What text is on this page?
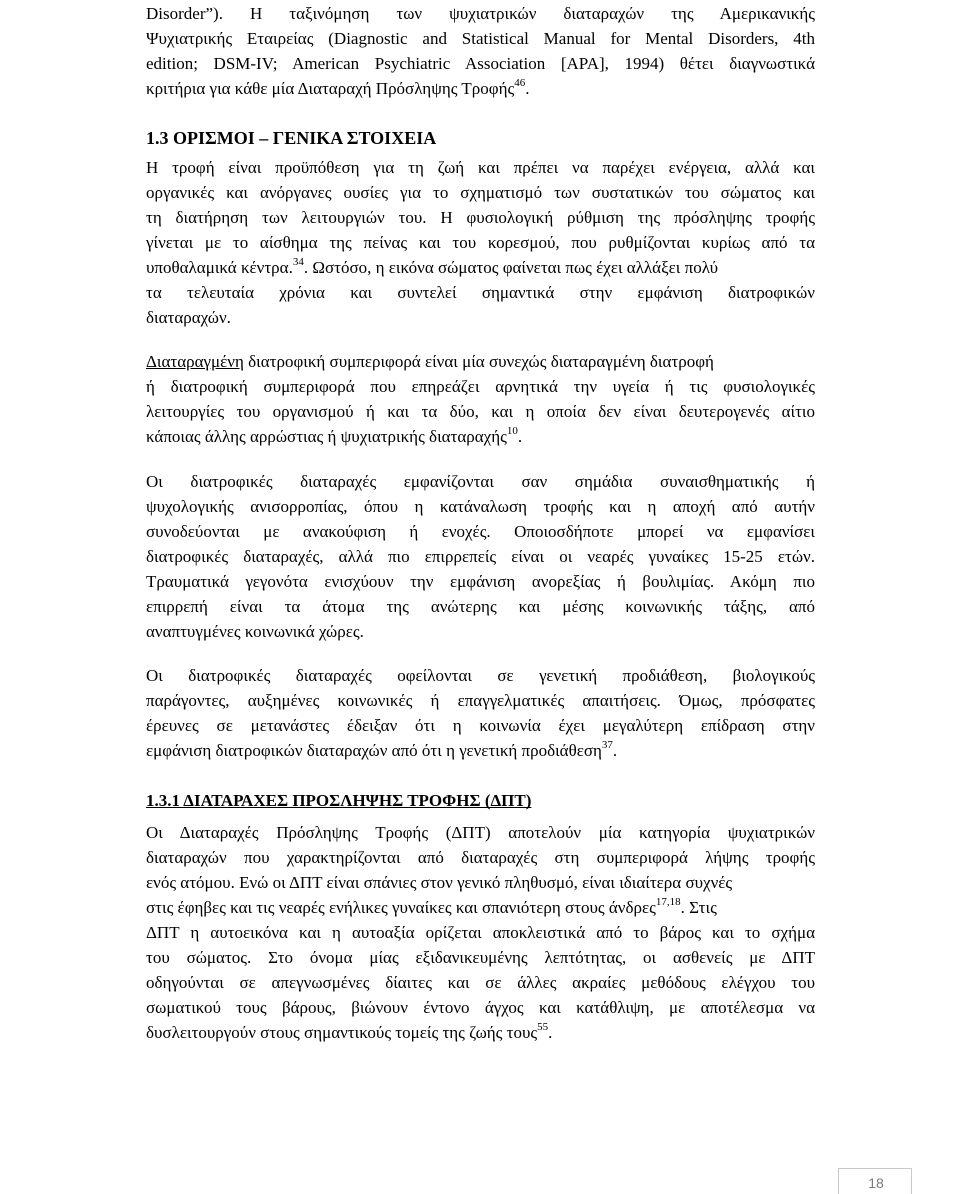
Disorder”). Η ταξινόμηση των ψυχιατρικών διαταραχών της Αμερικανικής
Ψυχιατρικής Εταιρείας (Diagnostic and Statistical Manual for Mental Disorders, 4th
edition; DSM-IV; American Psychiatric Association [APA], 1994) θέτει διαγνωστικά
κριτήρια για κάθε μία Διαταραχή Πρόσληψης Τροφής$^{46}$.
1.3 ΟΡΙΣΜΟΙ – ΓΕΝΙΚΑ ΣΤΟΙΧΕΙΑ
Η τροφή είναι προϋπόθεση για τη ζωή και πρέπει να παρέχει ενέργεια, αλλά και
οργανικές και ανόργανες ουσίες για το σχηματισμό των συστατικών του σώματος και
τη διατήρηση των λειτουργιών του. Η φυσιολογική ρύθμιση της πρόσληψης τροφής
γίνεται με το αίσθημα της πείνας και του κορεσμού, που ρυθμίζονται κυρίως από τα
υποθαλαμικά κέντρα.$^{34}$. Ωστόσο, η εικόνα σώματος φαίνεται πως έχει αλλάξει πολύ
τα τελευταία χρόνια και συντελεί σημαντικά στην εμφάνιση διατροφικών
διαταραχών.
Διαταραγμένη διατροφική συμπεριφορά είναι μία συνεχώς διαταραγμένη διατροφή
ή διατροφική συμπεριφορά που επηρεάζει αρνητικά την υγεία ή τις φυσιολογικές
λειτουργίες του οργανισμού ή και τα δύο, και η οποία δεν είναι δευτερογενές αίτιο
κάποιας άλλης αρρώστιας ή ψυχιατρικής διαταραχής$^{10}$.
Οι διατροφικές διαταραχές εμφανίζονται σαν σημάδια συναισθηματικής ή
ψυχολογικής ανισορροπίας, όπου η κατάναλωση τροφής και η αποχή από αυτήν
συνοδεύονται με ανακούφιση ή ενοχές. Οποιοσδήποτε μπορεί να εμφανίσει
διατροφικές διαταραχές, αλλά πιο επιρρεπείς είναι οι νεαρές γυναίκες 15-25 ετών.
Τραυματικά γεγονότα ενισχύουν την εμφάνιση ανορεξίας ή βουλιμίας. Ακόμη πιο
επιρρεπή είναι τα άτομα της ανώτερης και μέσης κοινωνικής τάξης, από
αναπτυγμένες κοινωνικά χώρες.
Οι διατροφικές διαταραχές οφείλονται σε γενετική προδιάθεση, βιολογικούς
παράγοντες, αυξημένες κοινωνικές ή επαγγελματικές απαιτήσεις. Όμως, πρόσφατες
έρευνες σε μετανάστες έδειξαν ότι η κοινωνία έχει μεγαλύτερη επίδραση στην
εμφάνιση διατροφικών διαταραχών από ότι η γενετική προδιάθεση$^{37}$.
1.3.1 ΔΙΑΤΑΡΑΧΕΣ ΠΡΟΣΛΗΨΗΣ ΤΡΟΦΗΣ (ΔΠΤ)
Οι Διαταραχές Πρόσληψης Τροφής (ΔΠΤ) αποτελούν μία κατηγορία ψυχιατρικών
διαταραχών που χαρακτηρίζονται από διαταραχές στη συμπεριφορά λήψης τροφής
ενός ατόμου. Ενώ οι ΔΠΤ είναι σπάνιες στον γενικό πληθυσμό, είναι ιδιαίτερα συχνές
στις έφηβες και τις νεαρές ενήλικες γυναίκες και σπανιότερη στους άνδρες$^{17,18}$. Στις
ΔΠΤ η αυτοεικόνα και η αυτοαξία ορίζεται αποκλειστικά από το βάρος και το σχήμα
του σώματος. Στο όνομα μίας εξιδανικευμένης λεπτότητας, οι ασθενείς με ΔΠΤ
οδηγούνται σε απεγνωσμένες δίαιτες και σε άλλες ακραίες μεθόδους ελέγχου του
σωματικού τους βάρους, βιώνουν έντονο άγχος και κατάθλιψη, με αποτέλεσμα να
δυσλειτουργούν στους σημαντικούς τομείς της ζωής τους$^{55}$.
18
